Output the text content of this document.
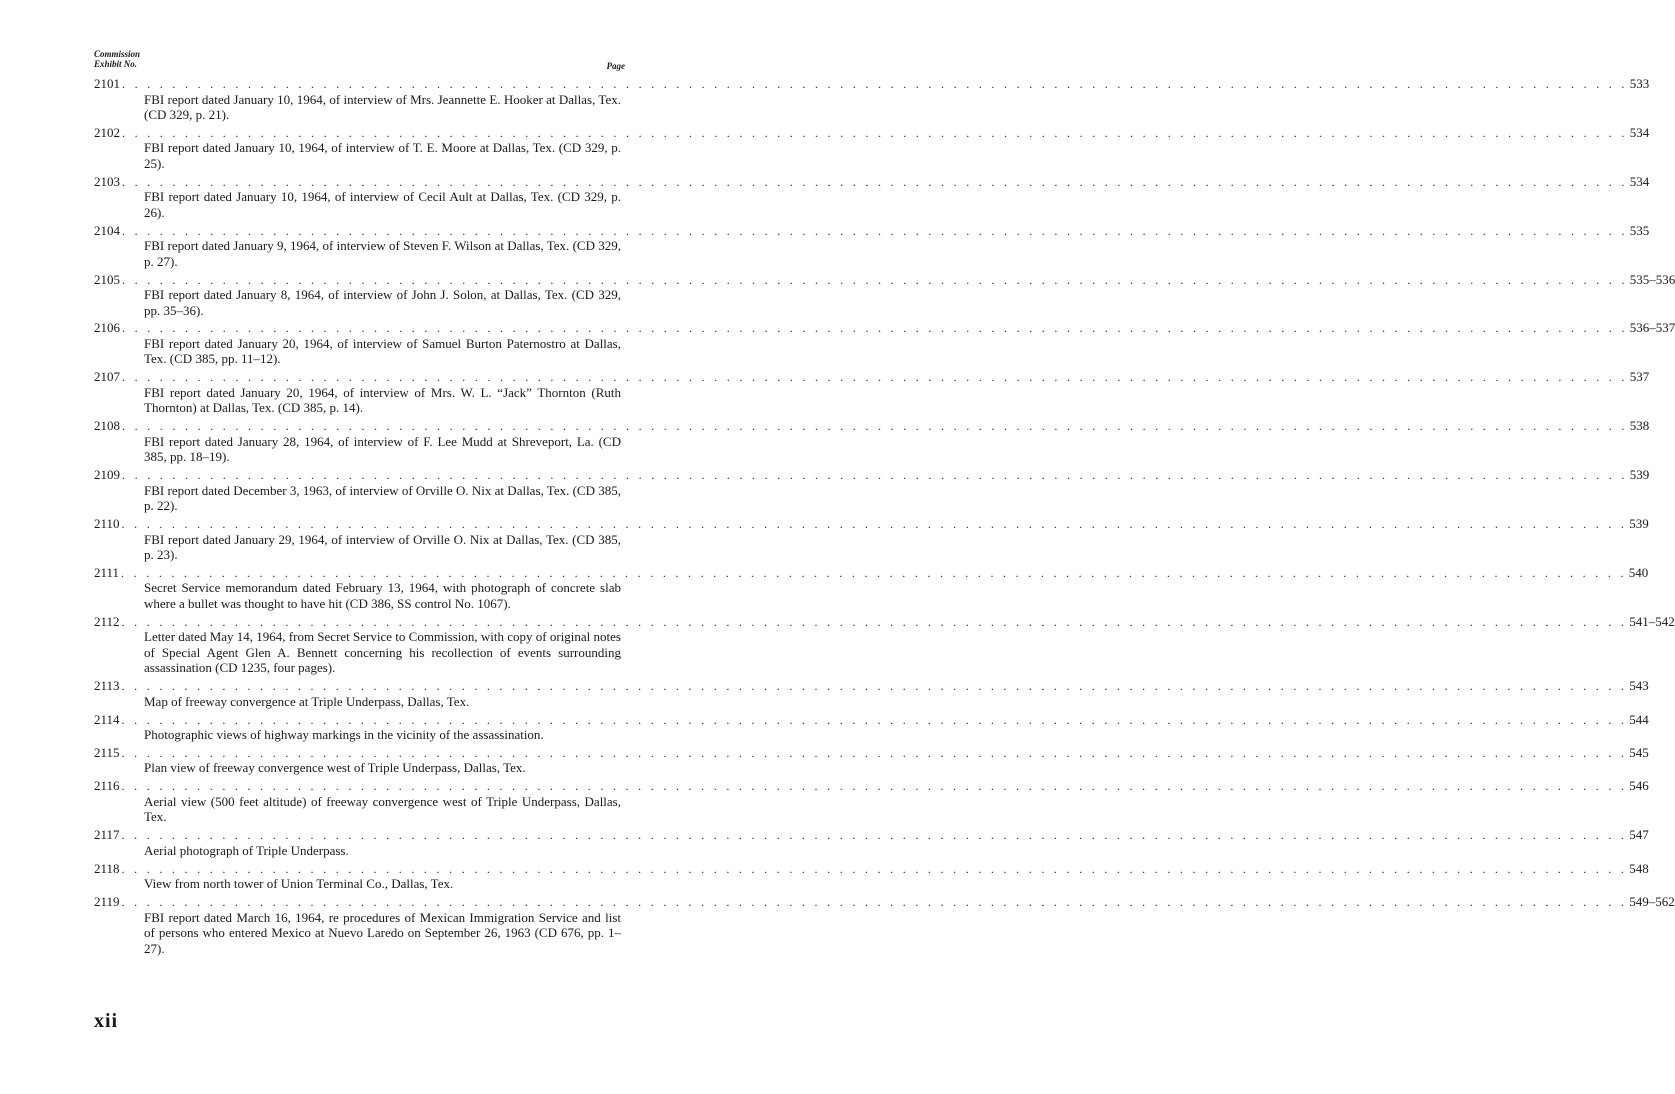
Commission
Exhibit No.	Page
2101 . . . . . . . . . . . . . . . . . . . . . . . . . . . . . . . . . . . . . . . . . . . . . . . . . . . . . . . . . . . . . . . . . . . . . . . . . . . . . . . . . . . . . . . . . . . . . . . . . . . . . . . . . . . . . . . . . . . . . . . . 533
FBI report dated January 10, 1964, of interview of Mrs. Jeannette E. Hooker at Dallas, Tex. (CD 329, p. 21).
2102 . . . . . . . . . . . . . . . . . . . . . . . . . . . . . . . . . . . . . . . . . . . . . . . . . . . . . . . . . . . . . . . . . . . . . . . . . . . . . . . . . . . . . . . . . . . . . . . . . . . . . . . . . . . . . . . . . . . . . . . . 534
FBI report dated January 10, 1964, of interview of T. E. Moore at Dallas, Tex. (CD 329, p. 25).
2103 . . . . . . . . . . . . . . . . . . . . . . . . . . . . . . . . . . . . . . . . . . . . . . . . . . . . . . . . . . . . . . . . . . . . . . . . . . . . . . . . . . . . . . . . . . . . . . . . . . . . . . . . . . . . . . . . . . . . . . . . 534
FBI report dated January 10, 1964, of interview of Cecil Ault at Dallas, Tex. (CD 329, p. 26).
2104 . . . . . . . . . . . . . . . . . . . . . . . . . . . . . . . . . . . . . . . . . . . . . . . . . . . . . . . . . . . . . . . . . . . . . . . . . . . . . . . . . . . . . . . . . . . . . . . . . . . . . . . . . . . . . . . . . . . . . . . . 535
FBI report dated January 9, 1964, of interview of Steven F. Wilson at Dallas, Tex. (CD 329, p. 27).
2105 . . . . . . . . . . . . . . . . . . . . . . . . . . . . . . . . . . . . . . . . . . . . . . . . . . . . . . . . . . . . . . . . . . . . . . . . . . . . . . . . . . . . . . . . . . . . . . . . . . . . . . . . . . . . . . . . . . . . . . . . 535–536
FBI report dated January 8, 1964, of interview of John J. Solon, at Dallas, Tex. (CD 329, pp. 35–36).
2106 . . . . . . . . . . . . . . . . . . . . . . . . . . . . . . . . . . . . . . . . . . . . . . . . . . . . . . . . . . . . . . . . . . . . . . . . . . . . . . . . . . . . . . . . . . . . . . . . . . . . . . . . . . . . . . . . . . . . . . . . 536–537
FBI report dated January 20, 1964, of interview of Samuel Burton Paternostro at Dallas, Tex. (CD 385, pp. 11–12).
2107 . . . . . . . . . . . . . . . . . . . . . . . . . . . . . . . . . . . . . . . . . . . . . . . . . . . . . . . . . . . . . . . . . . . . . . . . . . . . . . . . . . . . . . . . . . . . . . . . . . . . . . . . . . . . . . . . . . . . . . . . 537
FBI report dated January 20, 1964, of interview of Mrs. W. L. “Jack” Thornton (Ruth Thornton) at Dallas, Tex. (CD 385, p. 14).
2108 . . . . . . . . . . . . . . . . . . . . . . . . . . . . . . . . . . . . . . . . . . . . . . . . . . . . . . . . . . . . . . . . . . . . . . . . . . . . . . . . . . . . . . . . . . . . . . . . . . . . . . . . . . . . . . . . . . . . . . . . 538
FBI report dated January 28, 1964, of interview of F. Lee Mudd at Shreveport, La. (CD 385, pp. 18–19).
2109 . . . . . . . . . . . . . . . . . . . . . . . . . . . . . . . . . . . . . . . . . . . . . . . . . . . . . . . . . . . . . . . . . . . . . . . . . . . . . . . . . . . . . . . . . . . . . . . . . . . . . . . . . . . . . . . . . . . . . . . . 539
FBI report dated December 3, 1963, of interview of Orville O. Nix at Dallas, Tex. (CD 385, p. 22).
2110 . . . . . . . . . . . . . . . . . . . . . . . . . . . . . . . . . . . . . . . . . . . . . . . . . . . . . . . . . . . . . . . . . . . . . . . . . . . . . . . . . . . . . . . . . . . . . . . . . . . . . . . . . . . . . . . . . . . . . . . . 539
FBI report dated January 29, 1964, of interview of Orville O. Nix at Dallas, Tex. (CD 385, p. 23).
2111 . . . . . . . . . . . . . . . . . . . . . . . . . . . . . . . . . . . . . . . . . . . . . . . . . . . . . . . . . . . . . . . . . . . . . . . . . . . . . . . . . . . . . . . . . . . . . . . . . . . . . . . . . . . . . . . . . . . . . . . . 540
Secret Service memorandum dated February 13, 1964, with photograph of concrete slab where a bullet was thought to have hit (CD 386, SS control No. 1067).
2112 . . . . . . . . . . . . . . . . . . . . . . . . . . . . . . . . . . . . . . . . . . . . . . . . . . . . . . . . . . . . . . . . . . . . . . . . . . . . . . . . . . . . . . . . . . . . . . . . . . . . . . . . . . . . . . . . . . . . . . . . 541–542
Letter dated May 14, 1964, from Secret Service to Commission, with copy of original notes of Special Agent Glen A. Bennett concerning his recollection of events surrounding assassination (CD 1235, four pages).
2113 . . . . . . . . . . . . . . . . . . . . . . . . . . . . . . . . . . . . . . . . . . . . . . . . . . . . . . . . . . . . . . . . . . . . . . . . . . . . . . . . . . . . . . . . . . . . . . . . . . . . . . . . . . . . . . . . . . . . . . . . 543
Map of freeway convergence at Triple Underpass, Dallas, Tex.
2114 . . . . . . . . . . . . . . . . . . . . . . . . . . . . . . . . . . . . . . . . . . . . . . . . . . . . . . . . . . . . . . . . . . . . . . . . . . . . . . . . . . . . . . . . . . . . . . . . . . . . . . . . . . . . . . . . . . . . . . . . 544
Photographic views of highway markings in the vicinity of the assassination.
2115 . . . . . . . . . . . . . . . . . . . . . . . . . . . . . . . . . . . . . . . . . . . . . . . . . . . . . . . . . . . . . . . . . . . . . . . . . . . . . . . . . . . . . . . . . . . . . . . . . . . . . . . . . . . . . . . . . . . . . . . . 545
Plan view of freeway convergence west of Triple Underpass, Dallas, Tex.
2116 . . . . . . . . . . . . . . . . . . . . . . . . . . . . . . . . . . . . . . . . . . . . . . . . . . . . . . . . . . . . . . . . . . . . . . . . . . . . . . . . . . . . . . . . . . . . . . . . . . . . . . . . . . . . . . . . . . . . . . . . 546
Aerial view (500 feet altitude) of freeway convergence west of Triple Underpass, Dallas, Tex.
2117 . . . . . . . . . . . . . . . . . . . . . . . . . . . . . . . . . . . . . . . . . . . . . . . . . . . . . . . . . . . . . . . . . . . . . . . . . . . . . . . . . . . . . . . . . . . . . . . . . . . . . . . . . . . . . . . . . . . . . . . . 547
Aerial photograph of Triple Underpass.
2118 . . . . . . . . . . . . . . . . . . . . . . . . . . . . . . . . . . . . . . . . . . . . . . . . . . . . . . . . . . . . . . . . . . . . . . . . . . . . . . . . . . . . . . . . . . . . . . . . . . . . . . . . . . . . . . . . . . . . . . . . 548
View from north tower of Union Terminal Co., Dallas, Tex.
2119 . . . . . . . . . . . . . . . . . . . . . . . . . . . . . . . . . . . . . . . . . . . . . . . . . . . . . . . . . . . . . . . . . . . . . . . . . . . . . . . . . . . . . . . . . . . . . . . . . . . . . . . . . . . . . . . . . . . . . . . . 549–562
FBI report dated March 16, 1964, re procedures of Mexican Immigration Service and list of persons who entered Mexico at Nuevo Laredo on September 26, 1963 (CD 676, pp. 1–27).
xii
